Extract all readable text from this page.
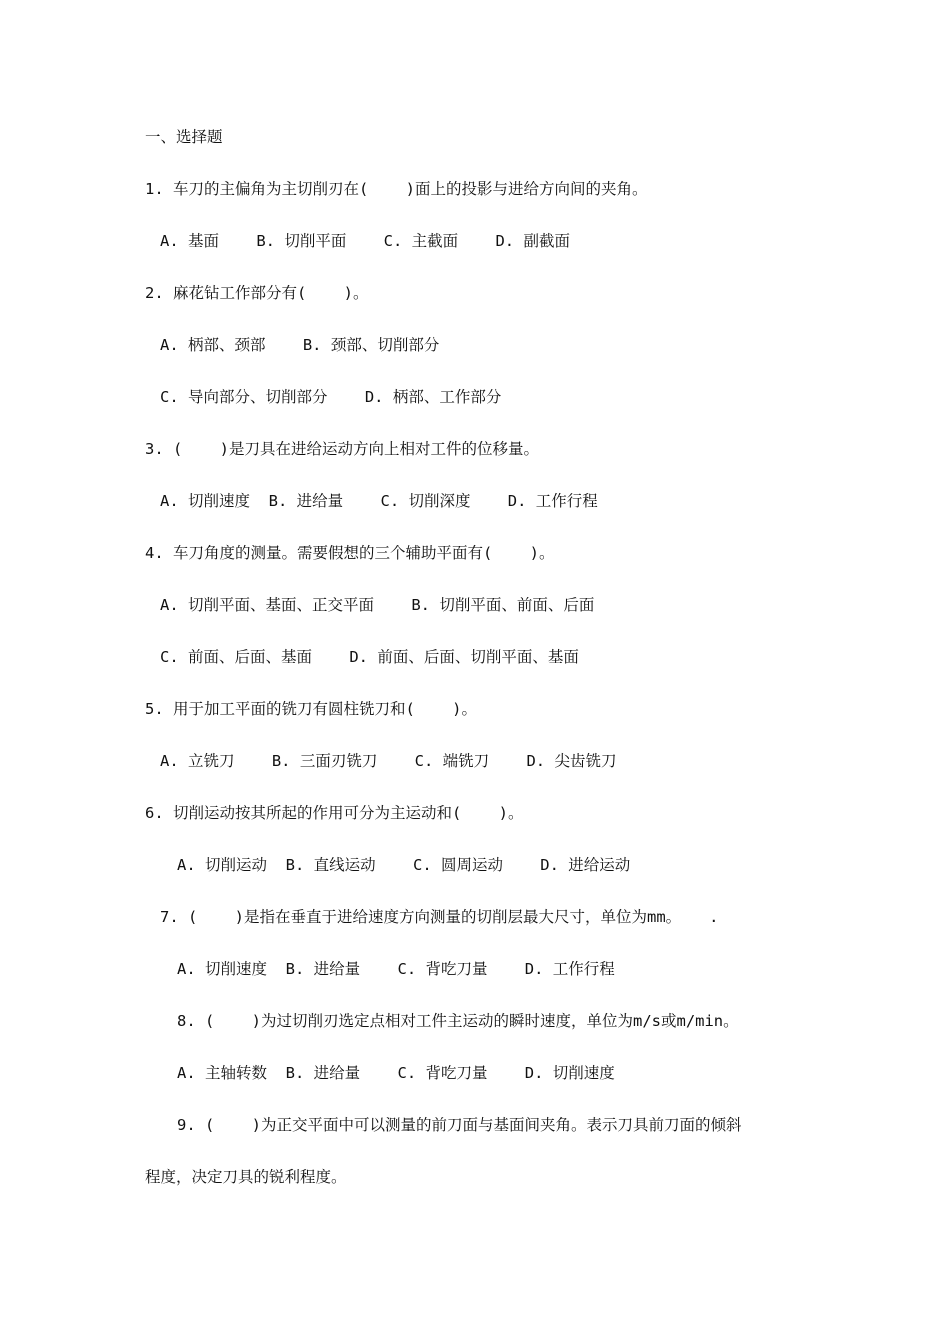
一、选择题
1. 车刀的主偏角为主切削刃在(    )面上的投影与进给方向间的夹角。
A. 基面    B. 切削平面    C. 主截面    D. 副截面
2. 麻花钻工作部分有(    )。
A. 柄部、颈部    B. 颈部、切削部分
C. 导向部分、切削部分    D. 柄部、工作部分
3. (    )是刀具在进给运动方向上相对工件的位移量。
A. 切削速度  B. 进给量    C. 切削深度    D. 工作行程
4. 车刀角度的测量。需要假想的三个辅助平面有(    )。
A. 切削平面、基面、正交平面    B. 切削平面、前面、后面
C. 前面、后面、基面    D. 前面、后面、切削平面、基面
5. 用于加工平面的铣刀有圆柱铣刀和(    )。
A. 立铣刀    B. 三面刃铣刀    C. 端铣刀    D. 尖齿铣刀
6. 切削运动按其所起的作用可分为主运动和(    )。
A. 切削运动  B. 直线运动    C. 圆周运动    D. 进给运动
7. (    )是指在垂直于进给速度方向测量的切削层最大尺寸，单位为mm。   .
A. 切削速度  B. 进给量    C. 背吃刀量    D. 工作行程
8. (    )为过切削刃选定点相对工件主运动的瞬时速度，单位为m/s或m/min。
A. 主轴转数  B. 进给量    C. 背吃刀量    D. 切削速度
9. (    )为正交平面中可以测量的前刀面与基面间夹角。表示刀具前刀面的倾斜
程度，决定刀具的锐利程度。
